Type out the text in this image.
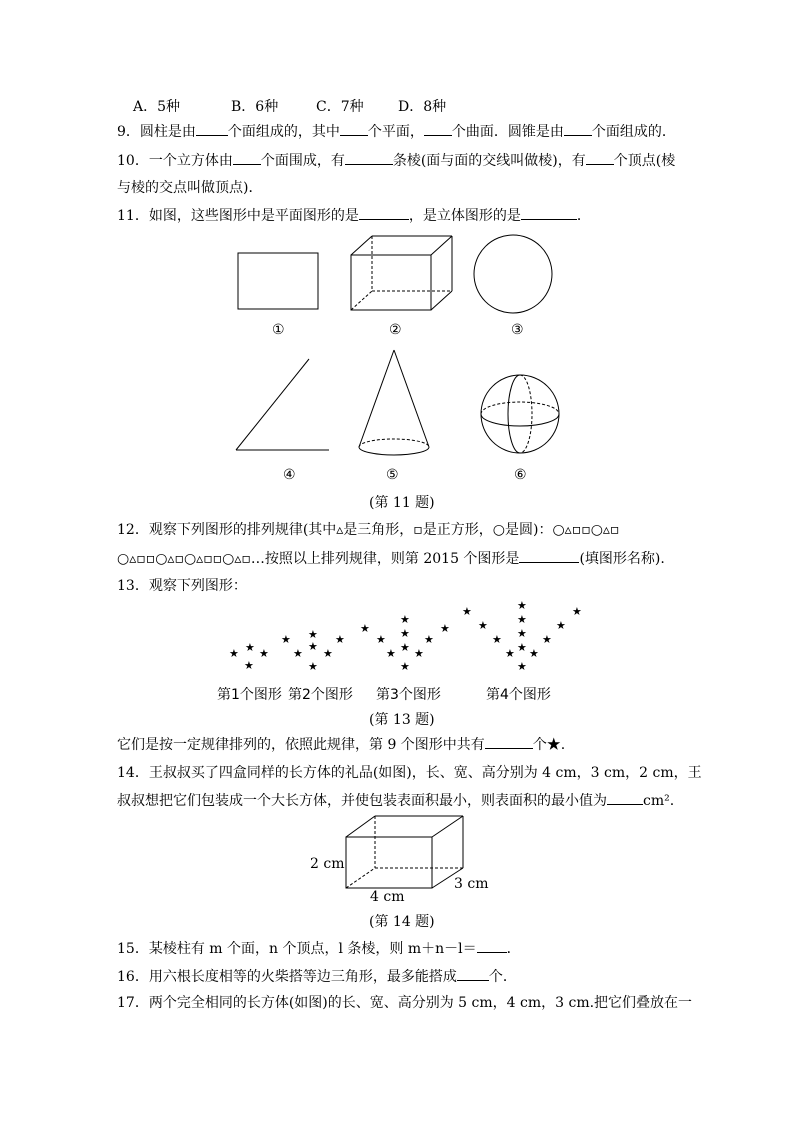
A．5种	B．6种	C．7种 D．8种
9．圆柱是由 个面组成的，其中 个平面， 个曲面．圆锥是由 个面组成的．
10．一个立方体由 个面围成，有	条棱(面与面的交线叫做棱)，有 个顶点(棱
与棱的交点叫做顶点)．
11．如图，这些图形中是平面图形的是	，是立体图形的是	．
①	②	③
④	⑤	⑥
(第 11 题)
12．观察下列图形的排列规律(其中▵是三角形，▫是正方形，○是圆)：○▵▫▫○▵▫
○▵▫▫○▵▫○▵▫▫○▵▫…按照以上排列规律，则第 2015 个图形是	(填图形名称).
13．观察下列图形：
★ ★ ★
★
★ ★ ★
★
★
★
★
★
★
★
★ ★ ★
★ ★ ★
★
★	★	★
★	★	★
★ ★ ★
★ ★ ★
★
第1个图形 第2个图形 第3个图形	第4个图形
(第 13 题)
它们是按一定规律排列的，依照此规律，第 9 个图形中共有	个★.
14．王叔叔买了四盒同样的长方体的礼品(如图)，长、宽、高分别为 4 cm，3 cm，2 cm，王
叔叔想把它们包装成一个大长方体，并使包装表面积最小，则表面积的最小值为	cm².
2 cm
4 cm
3 cm
(第 14 题)
15．某棱柱有 m 个面，n 个顶点，l 条棱，则 m＋n－l＝ ．
16．用六根长度相等的火柴搭等边三角形，最多能搭成 个．
17．两个完全相同的长方体(如图)的长、宽、高分别为 5 cm，4 cm，3 cm.把它们叠放在一
